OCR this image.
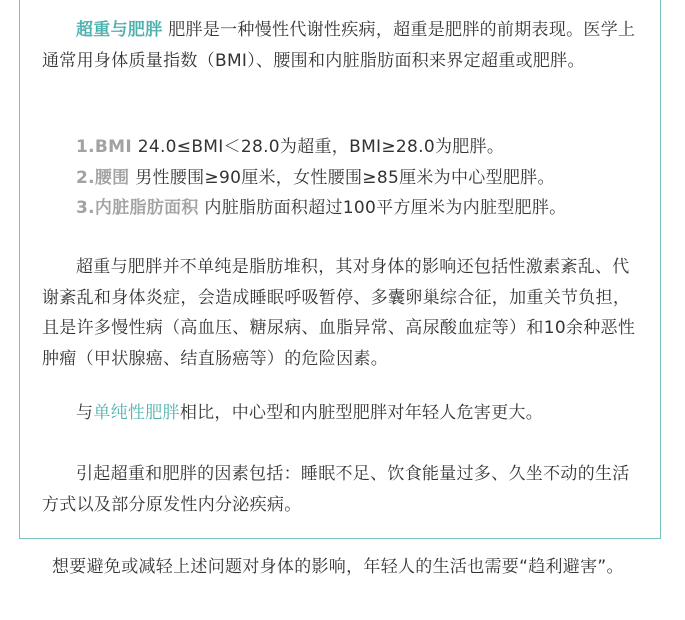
超重与肥胖 肥胖是一种慢性代谢性疾病，超重是肥胖的前期表现。医学上通常用身体质量指数（BMI）、腰围和内脏脂肪面积来界定超重或肥胖。

1.BMI 24.0≤BMI＜28.0为超重，BMI≥28.0为肥胖。
2.腰围 男性腰围≥90厘米，女性腰围≥85厘米为中心型肥胖。
3.内脏脂肪面积 内脏脂肪面积超过100平方厘米为内脏型肥胖。

超重与肥胖并不单纯是脂肪堆积，其对身体的影响还包括性激素紊乱、代谢紊乱和身体炎症，会造成睡眠呼吸暂停、多囊卵巢综合征，加重关节负担，且是许多慢性病（高血压、糖尿病、血脂异常、高尿酸血症等）和10余种恶性肿瘤（甲状腺癌、结直肠癌等）的危险因素。

与单纯性肥胖相比，中心型和内脏型肥胖对年轻人危害更大。

引起超重和肥胖的因素包括：睡眠不足、饮食能量过多、久坐不动的生活方式以及部分原发性内分泌疾病。

想要避免或减轻上述问题对身体的影响，年轻人的生活也需要“趋利避害”。
